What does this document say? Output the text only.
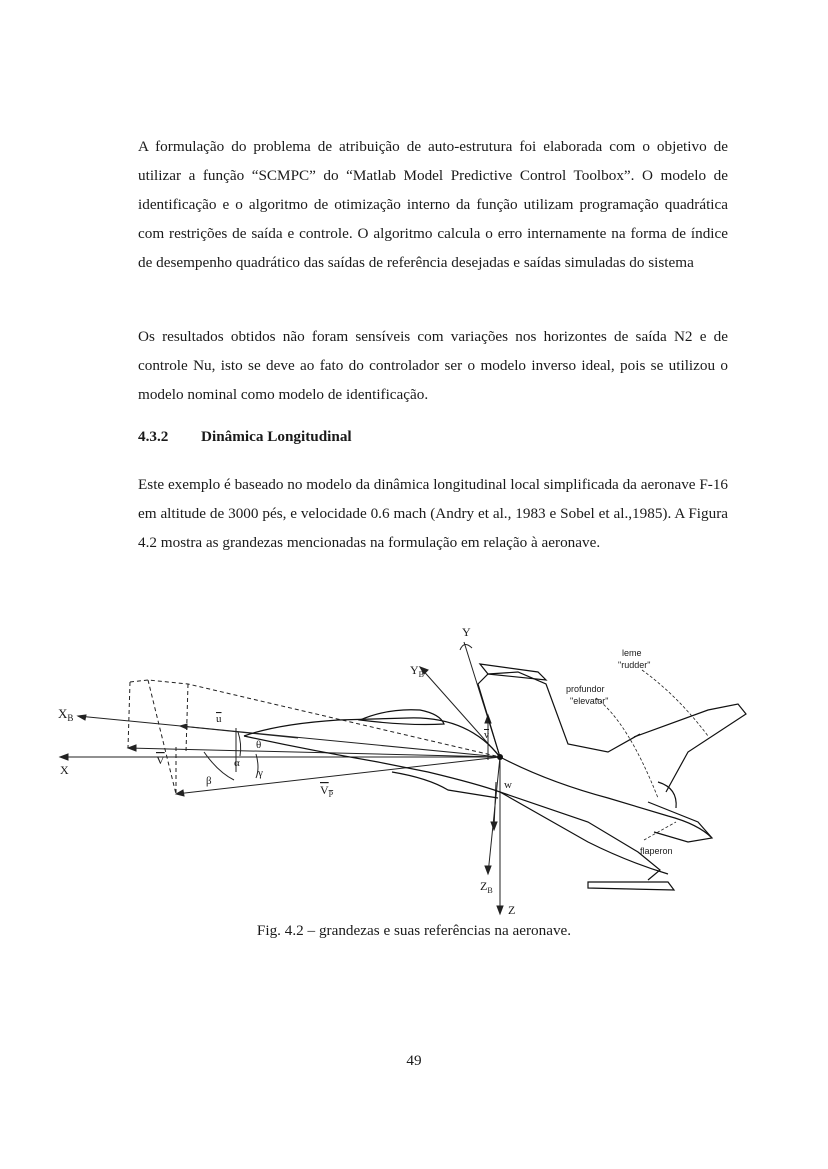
A formulação do problema de atribuição de auto-estrutura foi elaborada com o objetivo de utilizar a função “SCMPC” do “Matlab Model Predictive Control Toolbox”. O modelo de identificação e o algoritmo de otimização interno da função utilizam programação quadrática com restrições de saída e controle. O algoritmo calcula o erro internamente na forma de índice de desempenho quadrático das saídas de referência desejadas e saídas simuladas do sistema

Os resultados obtidos não foram sensíveis com variações nos horizontes de saída N2 e de controle Nu, isto se deve ao fato do controlador ser o modelo inverso ideal, pois se utilizou o modelo nominal como modelo de identificação.

4.3.2 Dinâmica Longitudinal

Este exemplo é baseado no modelo da dinâmica longitudinal local simplificada da aeronave F-16 em altitude de 3000 pés, e velocidade 0.6 mach (Andry et al., 1983 e Sobel et al.,1985). A Figura 4.2 mostra as grandezas mencionadas na formulação em relação à aeronave.

$X_B$
X
Y
$Y_B$
u
V
$V_P$
v
w
θ
α
γ
β
$Z_B$
Z
leme
"rudder"
profundor
"elevator"
flaperon

Fig. 4.2 – grandezas e suas referências na aeronave.

49
